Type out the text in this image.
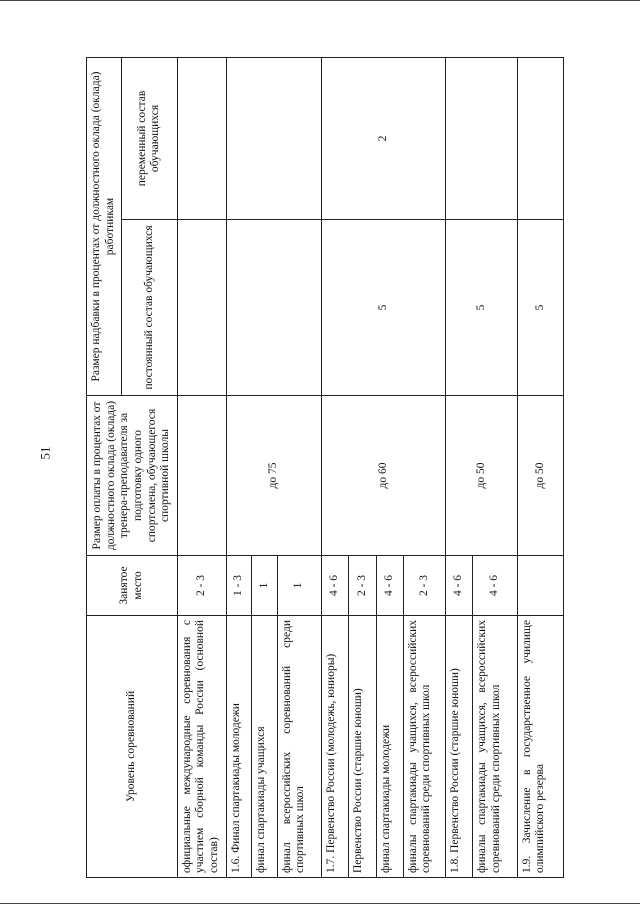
51
Уровень соревнований	Занятое место	Размер оплаты в процентах от должностного оклада (оклада) тренера-преподавателя за подготовку одного спортсмена, обучающегося спортивной школы	Размер надбавки в процентах от должностного оклада (оклада) работникам	
			постоянный состав обучающихся	переменный состав обучающихся
официальные международные соревнования с участием сборной команды России (основной состав)	2 - 3			
1.6. Финал спартакиады молодежи	1 - 3	до 75		
финал спартакиады учащихся	1			
финал всероссийских соревнований среди спортивных школ	1			
1.7. Первенство России (молодежь, юниоры)	4 - 6	до 60	5	2
Первенство России (старшие юноши)	2 - 3			
финал спартакиады молодежи	4 - 6			
финалы спартакиады учащихся, всероссийских соревнований среди спортивных школ	2 - 3			
1.8. Первенство России (старшие юноши)	4 - 6	до 50	5	
финалы спартакиады учащихся, всероссийских соревнований среди спортивных школ	4 - 6			
1.9. Зачисление в государственное училище олимпийского резерва		до 50	5	
